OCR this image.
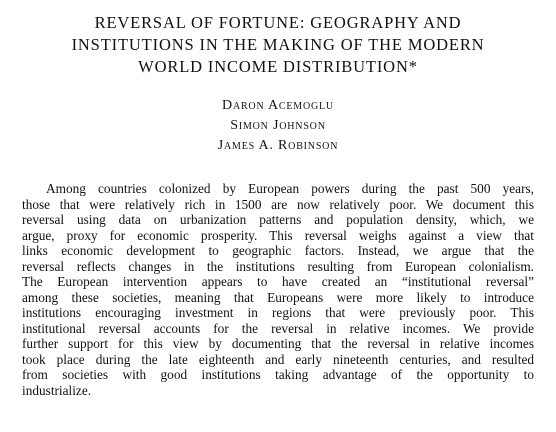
REVERSAL OF FORTUNE: GEOGRAPHY AND
INSTITUTIONS IN THE MAKING OF THE MODERN
WORLD INCOME DISTRIBUTION*
Daron Acemoglu
Simon Johnson
James A. Robinson
Among countries colonized by European powers during the past 500 years,
those that were relatively rich in 1500 are now relatively poor. We document this
reversal using data on urbanization patterns and population density, which, we
argue, proxy for economic prosperity. This reversal weighs against a view that
links economic development to geographic factors. Instead, we argue that the
reversal reflects changes in the institutions resulting from European colonialism.
The European intervention appears to have created an “institutional reversal”
among these societies, meaning that Europeans were more likely to introduce
institutions encouraging investment in regions that were previously poor. This
institutional reversal accounts for the reversal in relative incomes. We provide
further support for this view by documenting that the reversal in relative incomes
took place during the late eighteenth and early nineteenth centuries, and resulted
from societies with good institutions taking advantage of the opportunity to
industrialize.
